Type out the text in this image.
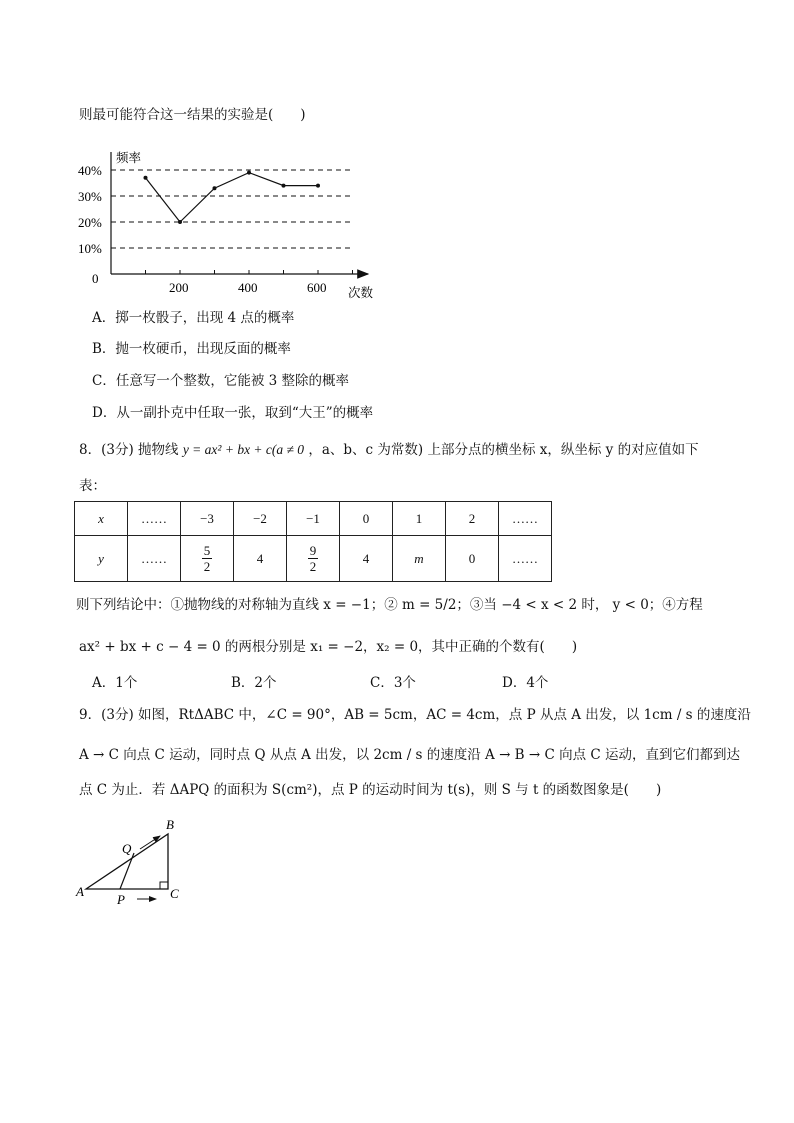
则最可能符合这一结果的实验是(　　)
40%
30%
20%
10%
0
200	400	600
频率
次数
A．掷一枚骰子，出现 4 点的概率
B．抛一枚硬币，出现反面的概率
C．任意写一个整数，它能被 3 整除的概率
D．从一副扑克中任取一张，取到“大王”的概率
8．(3分) 抛物线 y = ax² + bx + c(a ≠ 0 ，a、b、c 为常数) 上部分点的横坐标 x，纵坐标 y 的对应值如下
表：
x	……	−3	−2	−1	0	1	2	……
y	……	$\frac{5}{2}$	4	$\frac{9}{2}$	4	m	0	……
则下列结论中：①抛物线的对称轴为直线 x = −1；② m = 5/2；③当 −4 < x < 2 时， y < 0；④方程
ax² + bx + c − 4 = 0 的两根分别是 x₁ = −2，x₂ = 0，其中正确的个数有(　　)
A．1个	B．2个	C．3个	D．4个
9．(3分) 如图，RtΔABC 中，∠C = 90°，AB = 5cm，AC = 4cm，点 P 从点 A 出发，以 1cm / s 的速度沿
A → C 向点 C 运动，同时点 Q 从点 A 出发，以 2cm / s 的速度沿 A → B → C 向点 C 运动，直到它们都到达
点 C 为止．若 ΔAPQ 的面积为 S(cm²)，点 P 的运动时间为 t(s)，则 S 与 t 的函数图象是(　　)
B
Q
A
P	C
